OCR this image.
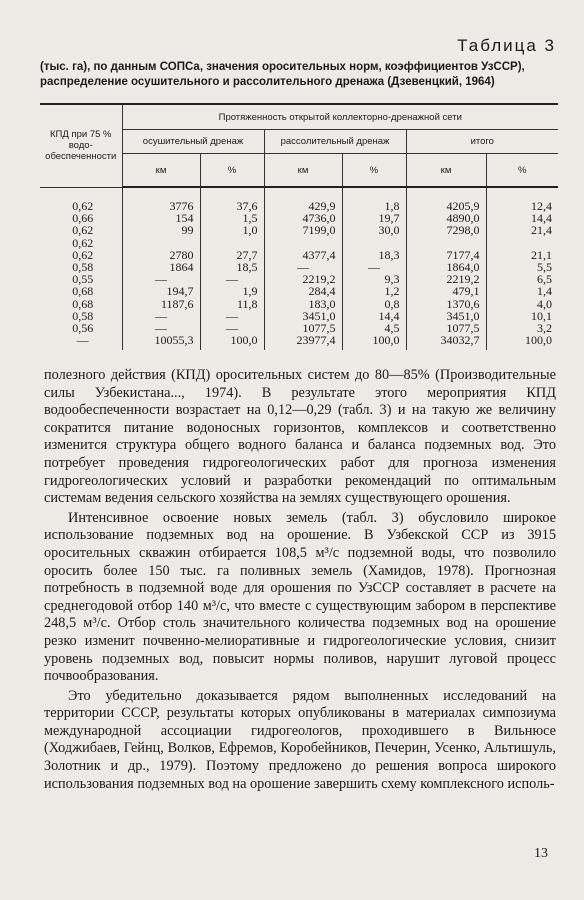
Таблица 3
(тыс. га), по данным СОПСа, значения оросительных норм, коэффициентов УзССР),
распределение осушительного и рассолительного дренажа (Дзевенцкий, 1964)
КПД при 75 % водо-обеспеченности	Протяженность открытой коллекторно-дренажной сети					
	осушительный дренаж		рассолительный дренаж		итого	
	км	%	км	%	км	%
0,62	3776	37,6	429,9	1,8	4205,9	12,4
0,66	154	1,5	4736,0	19,7	4890,0	14,4
0,62	99	1,0	7199,0	30,0	7298,0	21,4
0,62						
0,62	2780	27,7	4377,4	18,3	7177,4	21,1
0,58	1864	18,5	—	—	1864,0	5,5
0,55	—	—	2219,2	9,3	2219,2	6,5
0,68	194,7	1,9	284,4	1,2	479,1	1,4
0,68	1187,6	11,8	183,0	0,8	1370,6	4,0
0,58	—	—	3451,0	14,4	3451,0	10,1
0,56	—	—	1077,5	4,5	1077,5	3,2
—	10055,3	100,0	23977,4	100,0	34032,7	100,0

полезного действия (КПД) оросительных систем до 80—85% (Производительные силы Узбекистана..., 1974). В результате этого мероприятия КПД водообеспеченности возрастает на 0,12—0,29 (табл. 3) и на такую же величину сократится питание водоносных горизонтов, комплексов и соответственно изменится структура общего водного баланса и баланса подземных вод. Это потребует проведения гидрогеологических работ для прогноза изменения гидрогеологических условий и разработки рекомендаций по оптимальным системам ведения сельского хозяйства на землях существующего орошения.

Интенсивное освоение новых земель (табл. 3) обусловило широкое использование подземных вод на орошение. В Узбекской ССР из 3915 оросительных скважин отбирается 108,5 м³/с подземной воды, что позволило оросить более 150 тыс. га поливных земель (Хамидов, 1978). Прогнозная потребность в подземной воде для орошения по УзССР составляет в расчете на среднегодовой отбор 140 м³/с, что вместе с существующим забором в перспективе 248,5 м³/с. Отбор столь значительного количества подземных вод на орошение резко изменит почвенно-мелиоративные и гидрогеологические условия, снизит уровень подземных вод, повысит нормы поливов, нарушит луговой процесс почвообразования.

Это убедительно доказывается рядом выполненных исследований на территории СССР, результаты которых опубликованы в материалах симпозиума международной ассоциации гидрогеологов, проходившего в Вильнюсе (Ходжибаев, Гейнц, Волков, Ефремов, Коробейников, Печерин, Усенко, Альтишуль, Золотник и др., 1979). Поэтому предложено до решения вопроса широкого использования подземных вод на орошение завершить схему комплексного исполь-

13
